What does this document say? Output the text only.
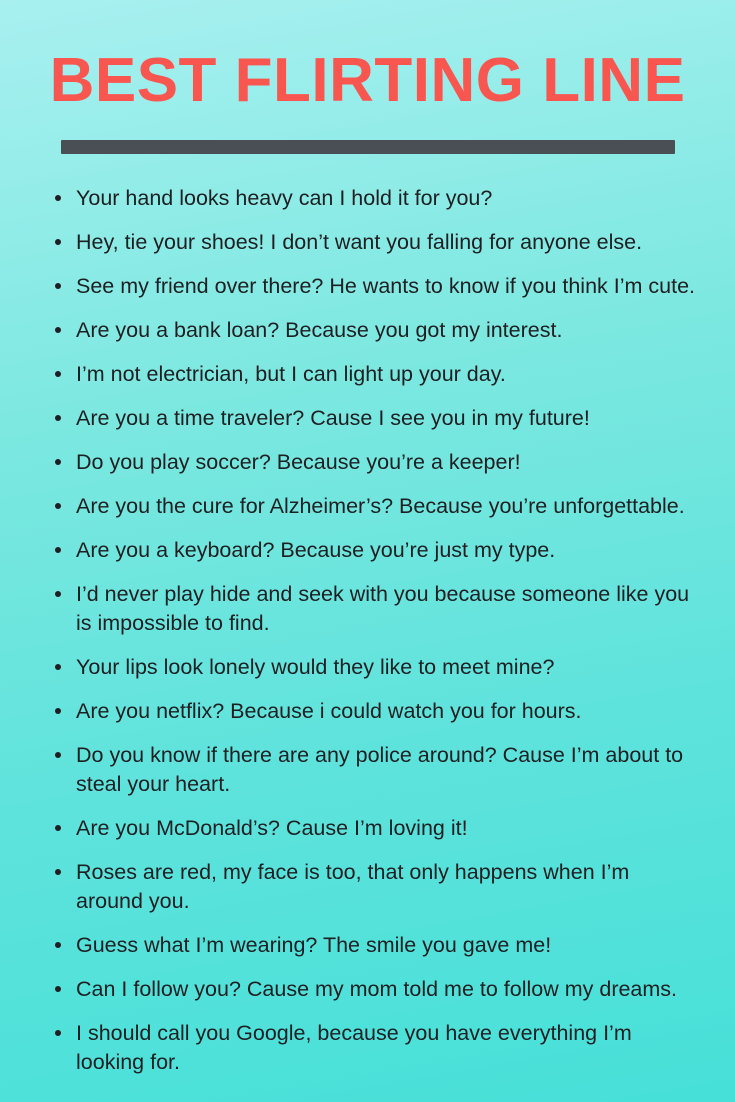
BEST FLIRTING LINE
Your hand looks heavy can I hold it for you?
Hey, tie your shoes! I don’t want you falling for anyone else.
See my friend over there? He wants to know if you think I’m cute.
Are you a bank loan? Because you got my interest.
I’m not electrician, but I can light up your day.
Are you a time traveler? Cause I see you in my future!
Do you play soccer? Because you’re a keeper!
Are you the cure for Alzheimer’s? Because you’re unforgettable.
Are you a keyboard? Because you’re just my type.
I’d never play hide and seek with you because someone like you is impossible to find.
Your lips look lonely would they like to meet mine?
Are you netflix? Because i could watch you for hours.
Do you know if there are any police around? Cause I’m about to steal your heart.
Are you McDonald’s? Cause I’m loving it!
Roses are red, my face is too, that only happens when I’m around you.
Guess what I’m wearing? The smile you gave me!
Can I follow you? Cause my mom told me to follow my dreams.
I should call you Google, because you have everything I’m looking for.
